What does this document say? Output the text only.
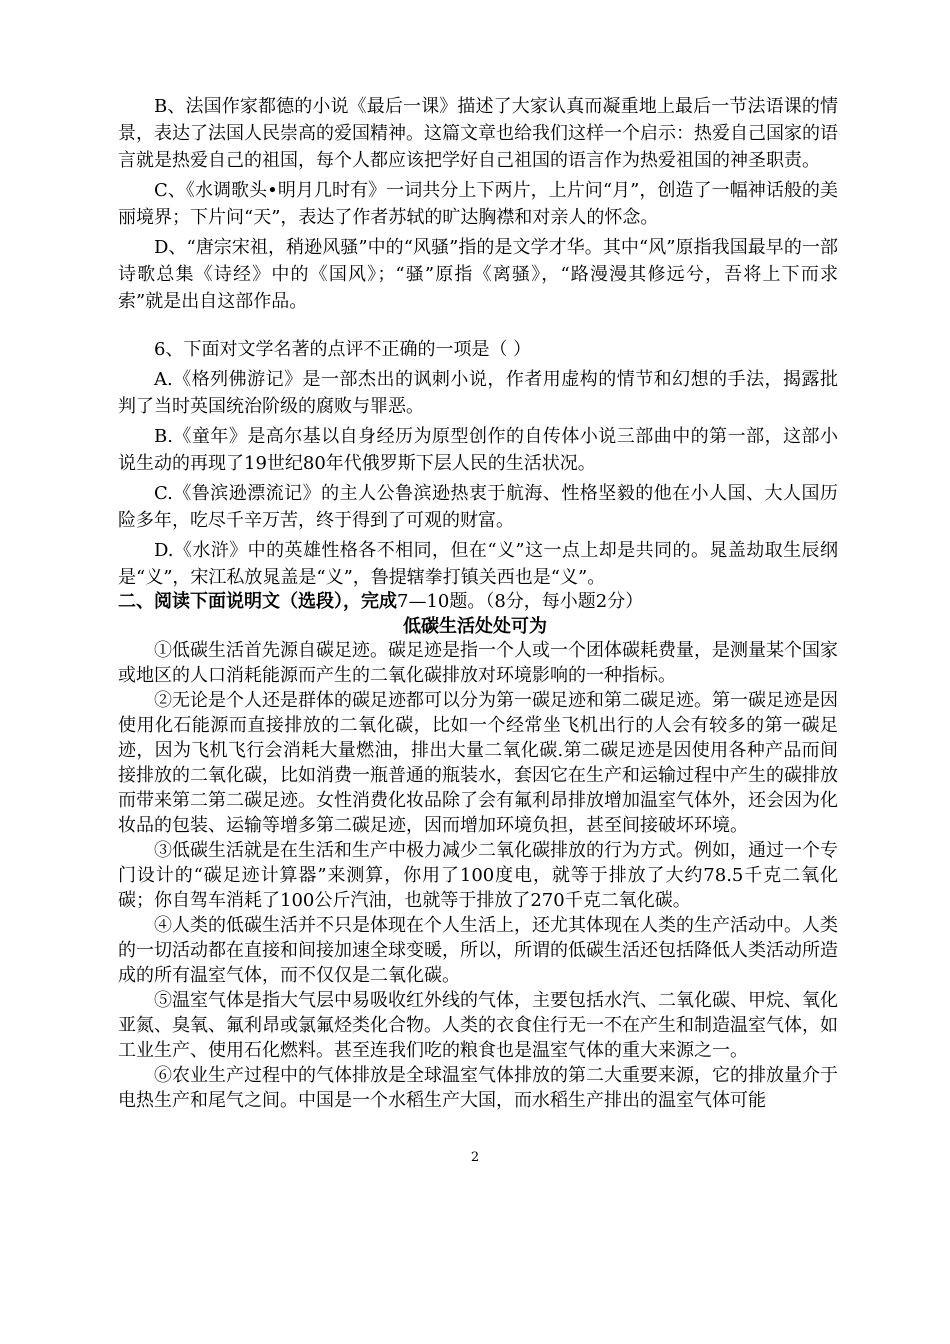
B、法国作家都德的小说《最后一课》描述了大家认真而凝重地上最后一节法语课的情景，表达了法国人民崇高的爱国精神。这篇文章也给我们这样一个启示：热爱自己国家的语言就是热爱自己的祖国，每个人都应该把学好自己祖国的语言作为热爱祖国的神圣职责。

C、《水调歌头•明月几时有》一词共分上下两片，上片问“月”，创造了一幅神话般的美丽境界；下片问“天”，表达了作者苏轼的旷达胸襟和对亲人的怀念。

D、“唐宗宋祖，稍逊风骚”中的“风骚”指的是文学才华。其中“风”原指我国最早的一部诗歌总集《诗经》中的《国风》；“骚”原指《离骚》，“路漫漫其修远兮，吾将上下而求索”就是出自这部作品。

6、下面对文学名著的点评不正确的一项是（ ）

A.《格列佛游记》是一部杰出的讽刺小说，作者用虚构的情节和幻想的手法，揭露批判了当时英国统治阶级的腐败与罪恶。

B.《童年》是高尔基以自身经历为原型创作的自传体小说三部曲中的第一部，这部小说生动的再现了19世纪80年代俄罗斯下层人民的生活状况。

C.《鲁滨逊漂流记》的主人公鲁滨逊热衷于航海、性格坚毅的他在小人国、大人国历险多年，吃尽千辛万苦，终于得到了可观的财富。

D.《水浒》中的英雄性格各不相同，但在“义”这一点上却是共同的。晁盖劫取生辰纲是“义”，宋江私放晁盖是“义”，鲁提辖拳打镇关西也是“义”。

二、阅读下面说明文（选段），完成7—10题。（8分，每小题2分）

低碳生活处处可为

①低碳生活首先源自碳足迹。碳足迹是指一个人或一个团体碳耗费量，是测量某个国家或地区的人口消耗能源而产生的二氧化碳排放对环境影响的一种指标。

②无论是个人还是群体的碳足迹都可以分为第一碳足迹和第二碳足迹。第一碳足迹是因使用化石能源而直接排放的二氧化碳，比如一个经常坐飞机出行的人会有较多的第一碳足迹，因为飞机飞行会消耗大量燃油，排出大量二氧化碳.第二碳足迹是因使用各种产品而间接排放的二氧化碳，比如消费一瓶普通的瓶装水，套因它在生产和运输过程中产生的碳排放而带来第二第二碳足迹。女性消费化妆品除了会有氟利昂排放增加温室气体外，还会因为化妆品的包装、运输等增多第二碳足迹，因而增加环境负担，甚至间接破坏环境。

③低碳生活就是在生活和生产中极力减少二氧化碳排放的行为方式。例如，通过一个专门设计的“碳足迹计算器”来测算，你用了100度电，就等于排放了大约78.5千克二氧化碳；你自驾车消耗了100公斤汽油，也就等于排放了270千克二氧化碳。

④人类的低碳生活并不只是体现在个人生活上，还尤其体现在人类的生产活动中。人类的一切活动都在直接和间接加速全球变暖，所以，所谓的低碳生活还包括降低人类活动所造成的所有温室气体，而不仅仅是二氧化碳。

⑤温室气体是指大气层中易吸收红外线的气体，主要包括水汽、二氧化碳、甲烷、氧化亚氮、臭氧、氟利昂或氯氟烃类化合物。人类的衣食住行无一不在产生和制造温室气体，如工业生产、使用石化燃料。甚至连我们吃的粮食也是温室气体的重大来源之一。

⑥农业生产过程中的气体排放是全球温室气体排放的第二大重要来源，它的排放量介于电热生产和尾气之间。中国是一个水稻生产大国，而水稻生产排出的温室气体可能

2
